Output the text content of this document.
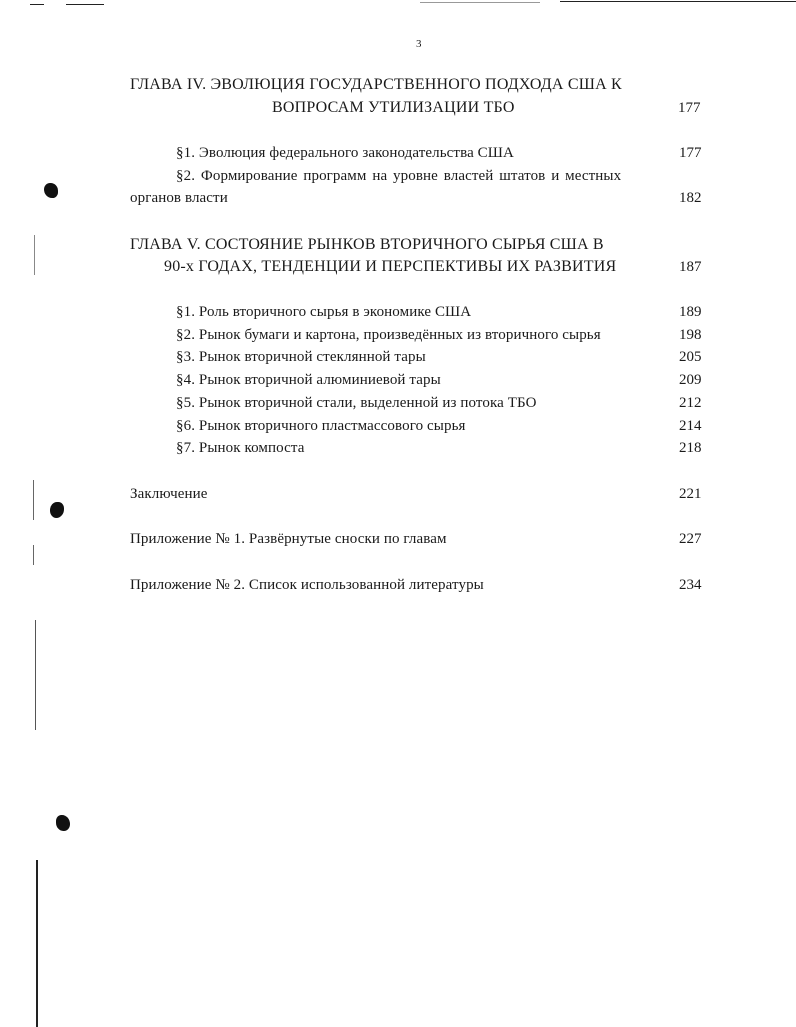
3
ГЛАВА IV. ЭВОЛЮЦИЯ ГОСУДАРСТВЕННОГО ПОДХОДА США К
ВОПРОСАМ УТИЛИЗАЦИИ ТБО	177
§1. Эволюция федерального законодательства США	177
§2. Формирование программ на уровне властей штатов и местных
органов власти	182
ГЛАВА V. СОСТОЯНИЕ РЫНКОВ ВТОРИЧНОГО СЫРЬЯ США В
90-х ГОДАХ, ТЕНДЕНЦИИ И ПЕРСПЕКТИВЫ ИХ РАЗВИТИЯ	187
§1. Роль вторичного сырья в экономике США	189
§2. Рынок бумаги и картона, произведённых из вторичного сырья	198
§3. Рынок вторичной стеклянной тары	205
§4. Рынок вторичной алюминиевой тары	209
§5. Рынок вторичной стали, выделенной из потока ТБО	212
§6. Рынок вторичного пластмассового сырья	214
§7. Рынок компоста	218
Заключение	221
Приложение № 1. Развёрнутые сноски по главам	227
Приложение № 2. Список использованной литературы	234
